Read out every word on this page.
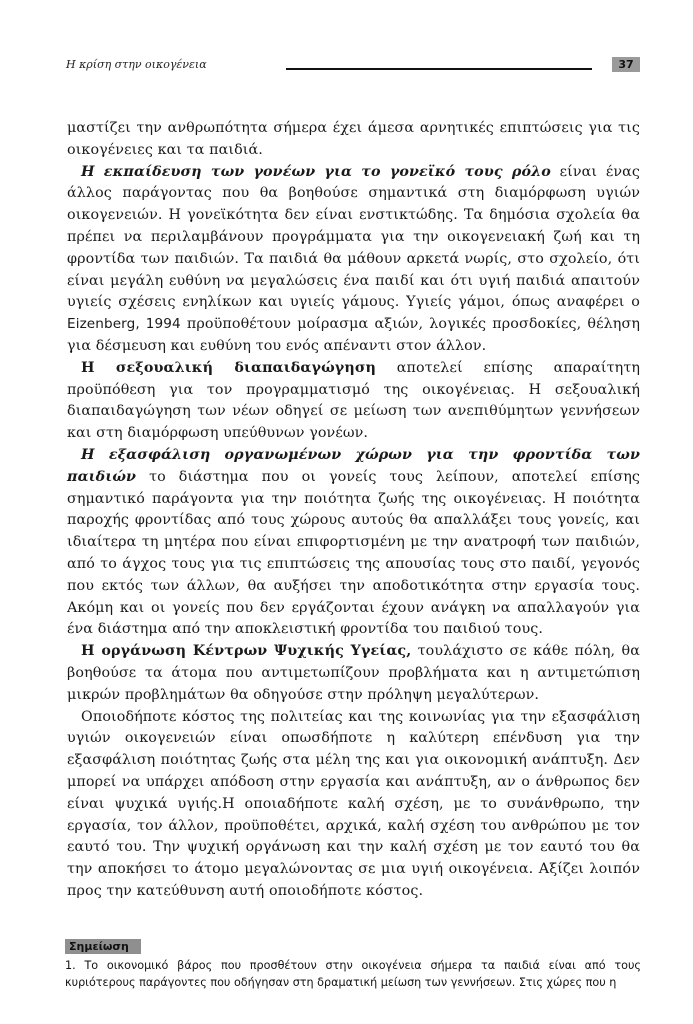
Η κρίση στην οικογένεια	37

μαστίζει την ανθρωπότητα σήμερα έχει άμεσα αρνητικές επιπτώσεις για τις οικογένειες και τα παιδιά.

Η εκπαίδευση των γονέων για το γονεϊκό τους ρόλο είναι ένας άλλος παράγοντας που θα βοηθούσε σημαντικά στη διαμόρφωση υγιών οικογενειών. Η γονεϊκότητα δεν είναι ενστικτώδης. Τα δημόσια σχολεία θα πρέπει να περιλαμβάνουν προγράμματα για την οικογενειακή ζωή και τη φροντίδα των παιδιών. Τα παιδιά θα μάθουν αρκετά νωρίς, στο σχολείο, ότι είναι μεγάλη ευθύνη να μεγαλώσεις ένα παιδί και ότι υγιή παιδιά απαιτούν υγιείς σχέσεις ενηλίκων και υγιείς γάμους. Υγιείς γάμοι, όπως αναφέρει ο Eizenberg, 1994 προϋποθέτουν μοίρασμα αξιών, λογικές προσδοκίες, θέληση για δέσμευση και ευθύνη του ενός απέναντι στον άλλον.

Η σεξουαλική διαπαιδαγώγηση αποτελεί επίσης απαραίτητη προϋπόθεση για τον προγραμματισμό της οικογένειας. Η σεξουαλική διαπαιδαγώγηση των νέων οδηγεί σε μείωση των ανεπιθύμητων γεννήσεων και στη διαμόρφωση υπεύθυνων γονέων.

Η εξασφάλιση οργανωμένων χώρων για την φροντίδα των παιδιών το διάστημα που οι γονείς τους λείπουν, αποτελεί επίσης σημαντικό παράγοντα για την ποιότητα ζωής της οικογένειας. Η ποιότητα παροχής φροντίδας από τους χώρους αυτούς θα απαλλάξει τους γονείς, και ιδιαίτερα τη μητέρα που είναι επιφορτισμένη με την ανατροφή των παιδιών, από το άγχος τους για τις επιπτώσεις της απουσίας τους στο παιδί, γεγονός που εκτός των άλλων, θα αυξήσει την αποδοτικότητα στην εργασία τους. Ακόμη και οι γονείς που δεν εργάζονται έχουν ανάγκη να απαλλαγούν για ένα διάστημα από την αποκλειστική φροντίδα του παιδιού τους.

Η οργάνωση Κέντρων Ψυχικής Υγείας, τουλάχιστο σε κάθε πόλη, θα βοηθούσε τα άτομα που αντιμετωπίζουν προβλήματα και η αντιμετώπιση μικρών προβλημάτων θα οδηγούσε στην πρόληψη μεγαλύτερων.

Οποιοδήποτε κόστος της πολιτείας και της κοινωνίας για την εξασφάλιση υγιών οικογενειών είναι οπωσδήποτε η καλύτερη επένδυση για την εξασφάλιση ποιότητας ζωής στα μέλη της και για οικονομική ανάπτυξη. Δεν μπορεί να υπάρχει απόδοση στην εργασία και ανάπτυξη, αν ο άνθρωπος δεν είναι ψυχικά υγιής.Η οποιαδήποτε καλή σχέση, με το συνάνθρωπο, την εργασία, τον άλλον, προϋποθέτει, αρχικά, καλή σχέση του ανθρώπου με τον εαυτό του. Την ψυχική οργάνωση και την καλή σχέση με τον εαυτό του θα την αποκήσει το άτομο μεγαλώνοντας σε μια υγιή οικογένεια. Αξίζει λοιπόν προς την κατεύθυνση αυτή οποιοδήποτε κόστος.

Σημείωση
1. Το οικονομικό βάρος που προσθέτουν στην οικογένεια σήμερα τα παιδιά είναι από τους κυριότερους παράγοντες που οδήγησαν στη δραματική μείωση των γεννήσεων. Στις χώρες που η
